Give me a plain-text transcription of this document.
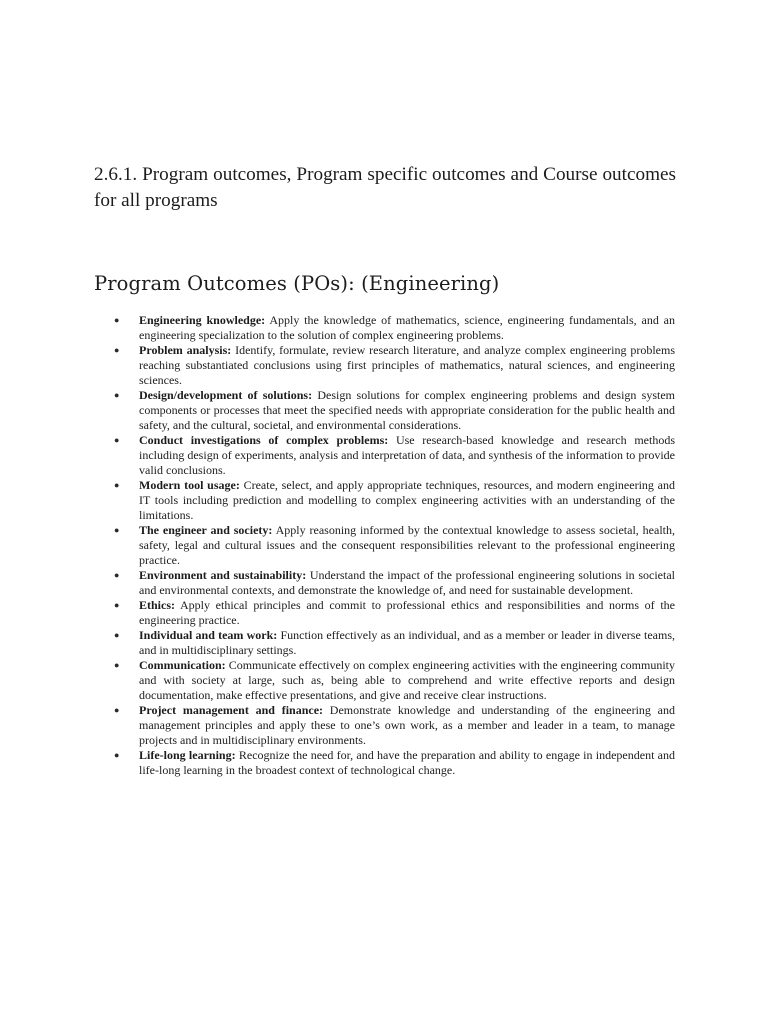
2.6.1. Program outcomes, Program specific outcomes and Course outcomes for all programs

Program Outcomes (POs): (Engineering)
● Engineering knowledge: Apply the knowledge of mathematics, science, engineering fundamentals, and an engineering specialization to the solution of complex engineering problems.
● Problem analysis: Identify, formulate, review research literature, and analyze complex engineering problems reaching substantiated conclusions using first principles of mathematics, natural sciences, and engineering sciences.
● Design/development of solutions: Design solutions for complex engineering problems and design system components or processes that meet the specified needs with appropriate consideration for the public health and safety, and the cultural, societal, and environmental considerations.
● Conduct investigations of complex problems: Use research-based knowledge and research methods including design of experiments, analysis and interpretation of data, and synthesis of the information to provide valid conclusions.
● Modern tool usage: Create, select, and apply appropriate techniques, resources, and modern engineering and IT tools including prediction and modelling to complex engineering activities with an understanding of the limitations.
● The engineer and society: Apply reasoning informed by the contextual knowledge to assess societal, health, safety, legal and cultural issues and the consequent responsibilities relevant to the professional engineering practice.
● Environment and sustainability: Understand the impact of the professional engineering solutions in societal and environmental contexts, and demonstrate the knowledge of, and need for sustainable development.
● Ethics: Apply ethical principles and commit to professional ethics and responsibilities and norms of the engineering practice.
● Individual and team work: Function effectively as an individual, and as a member or leader in diverse teams, and in multidisciplinary settings.
● Communication: Communicate effectively on complex engineering activities with the engineering community and with society at large, such as, being able to comprehend and write effective reports and design documentation, make effective presentations, and give and receive clear instructions.
● Project management and finance: Demonstrate knowledge and understanding of the engineering and management principles and apply these to one’s own work, as a member and leader in a team, to manage projects and in multidisciplinary environments.
● Life-long learning: Recognize the need for, and have the preparation and ability to engage in independent and life-long learning in the broadest context of technological change.
